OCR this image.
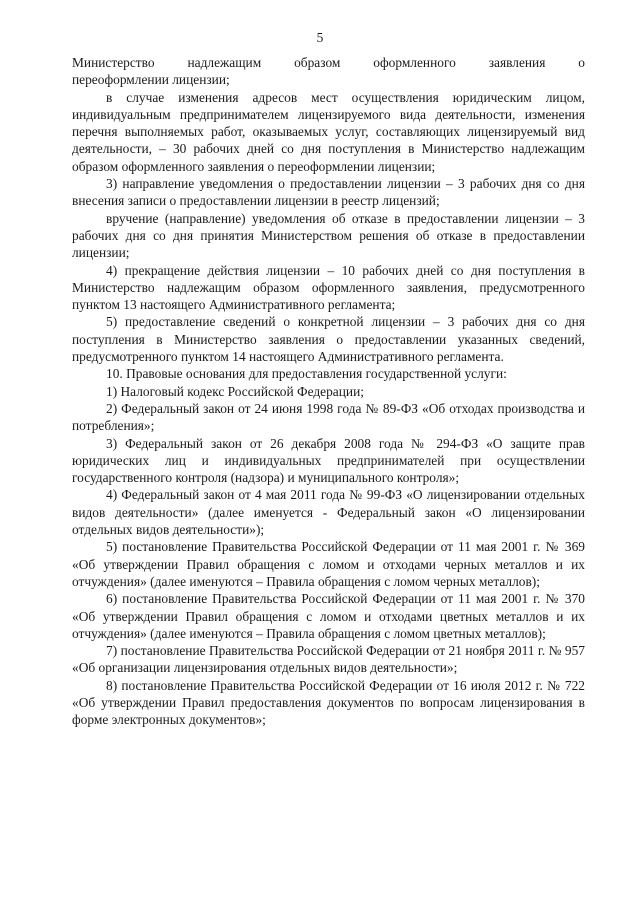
5

Министерство надлежащим образом оформленного заявления о
переоформлении лицензии;

в случае изменения адресов мест осуществления юридическим лицом, индивидуальным предпринимателем лицензируемого вида деятельности, изменения перечня выполняемых работ, оказываемых услуг, составляющих лицензируемый вид деятельности, – 30 рабочих дней со дня поступления в Министерство надлежащим образом оформленного заявления о переоформлении лицензии;

3) направление уведомления о предоставлении лицензии – 3 рабочих дня со дня внесения записи о предоставлении лицензии в реестр лицензий;

вручение (направление) уведомления об отказе в предоставлении лицензии – 3 рабочих дня со дня принятия Министерством решения об отказе в предоставлении лицензии;

4) прекращение действия лицензии – 10 рабочих дней со дня поступления в Министерство надлежащим образом оформленного заявления, предусмотренного пунктом 13 настоящего Административного регламента;

5) предоставление сведений о конкретной лицензии – 3 рабочих дня со дня поступления в Министерство заявления о предоставлении указанных сведений, предусмотренного пунктом 14 настоящего Административного регламента.

10. Правовые основания для предоставления государственной услуги:

1) Налоговый кодекс Российской Федерации;

2) Федеральный закон от 24 июня 1998 года № 89-ФЗ «Об отходах производства и потребления»;

3) Федеральный закон от 26 декабря 2008 года № 294-ФЗ «О защите прав юридических лиц и индивидуальных предпринимателей при осуществлении государственного контроля (надзора) и муниципального контроля»;

4) Федеральный закон от 4 мая 2011 года № 99-ФЗ «О лицензировании отдельных видов деятельности» (далее именуется - Федеральный закон «О лицензировании отдельных видов деятельности»);

5) постановление Правительства Российской Федерации от 11 мая 2001 г. № 369 «Об утверждении Правил обращения с ломом и отходами черных металлов и их отчуждения» (далее именуются – Правила обращения с ломом черных металлов);

6) постановление Правительства Российской Федерации от 11 мая 2001 г. № 370 «Об утверждении Правил обращения с ломом и отходами цветных металлов и их отчуждения» (далее именуются – Правила обращения с ломом цветных металлов);

7) постановление Правительства Российской Федерации от 21 ноября 2011 г. № 957 «Об организации лицензирования отдельных видов деятельности»;

8) постановление Правительства Российской Федерации от 16 июля 2012 г. № 722 «Об утверждении Правил предоставления документов по вопросам лицензирования в форме электронных документов»;
